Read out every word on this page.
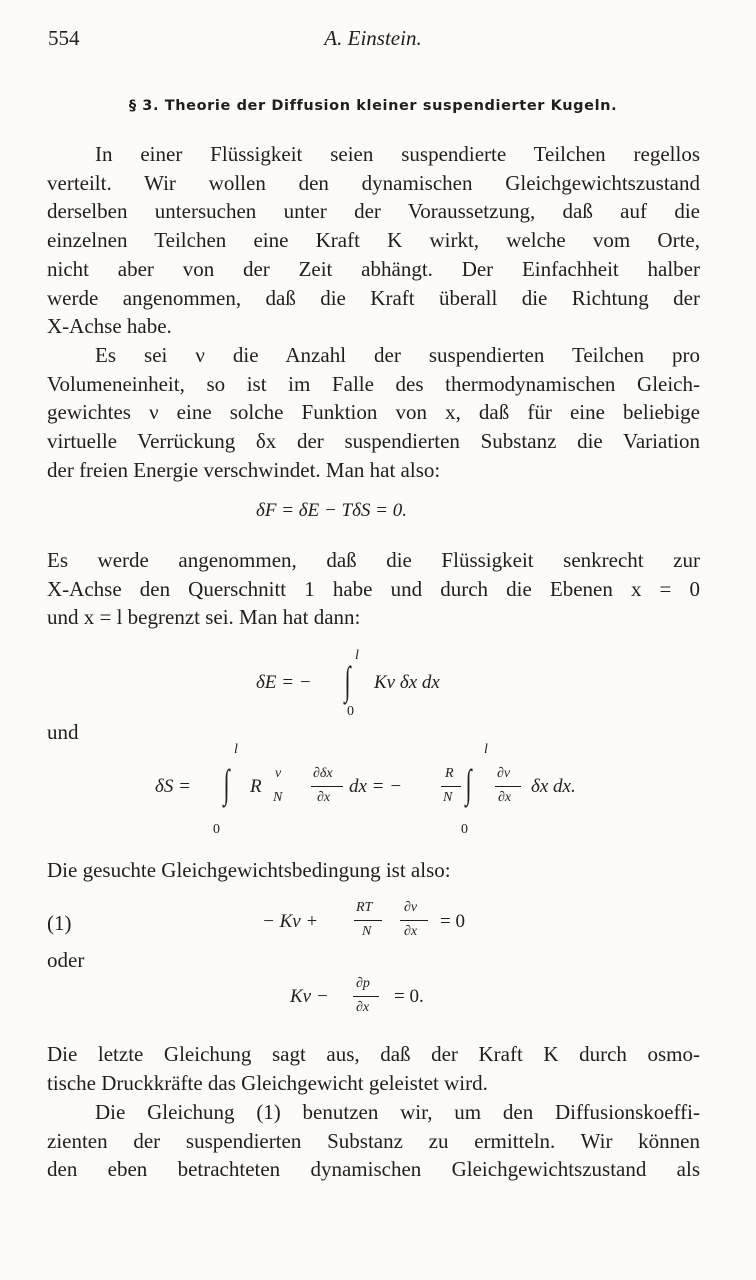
554	A. Einstein.
§ 3. Theorie der Diffusion kleiner suspendierter Kugeln.

In einer Flüssigkeit seien suspendierte Teilchen regellos
verteilt. Wir wollen den dynamischen Gleichgewichtszustand
derselben untersuchen unter der Voraussetzung, daß auf die
einzelnen Teilchen eine Kraft K wirkt, welche vom Orte,
nicht aber von der Zeit abhängt. Der Einfachheit halber
werde angenommen, daß die Kraft überall die Richtung der
X-Achse habe.

Es sei ν die Anzahl der suspendierten Teilchen pro
Volumeneinheit, so ist im Falle des thermodynamischen Gleich-
gewichtes ν eine solche Funktion von x, daß für eine beliebige
virtuelle Verrückung δx der suspendierten Substanz die Variation
der freien Energie verschwindet. Man hat also:

δF = δE − TδS = 0.

Es werde angenommen, daß die Flüssigkeit senkrecht zur
X-Achse den Querschnitt 1 habe und durch die Ebenen x = 0
und x = l begrenzt sei. Man hat dann:

l
δE = − ∫ Kν δx dx
0
und
l
δS = ∫
0
R
ν
N
∂δx
∂x
dx = −
R
N
l
∫
0
∂ν
∂x
δx dx.
Die gesuchte Gleichgewichtsbedingung ist also:
(1)	− Kν +
RT
N
∂ν
∂x = 0
oder
Kν −
∂p
∂x
= 0.

Die letzte Gleichung sagt aus, daß der Kraft K durch osmo-
tische Druckkräfte das Gleichgewicht geleistet wird.

Die Gleichung (1) benutzen wir, um den Diffusionskoeffi-
zienten der suspendierten Substanz zu ermitteln. Wir können
den eben betrachteten dynamischen Gleichgewichtszustand als
